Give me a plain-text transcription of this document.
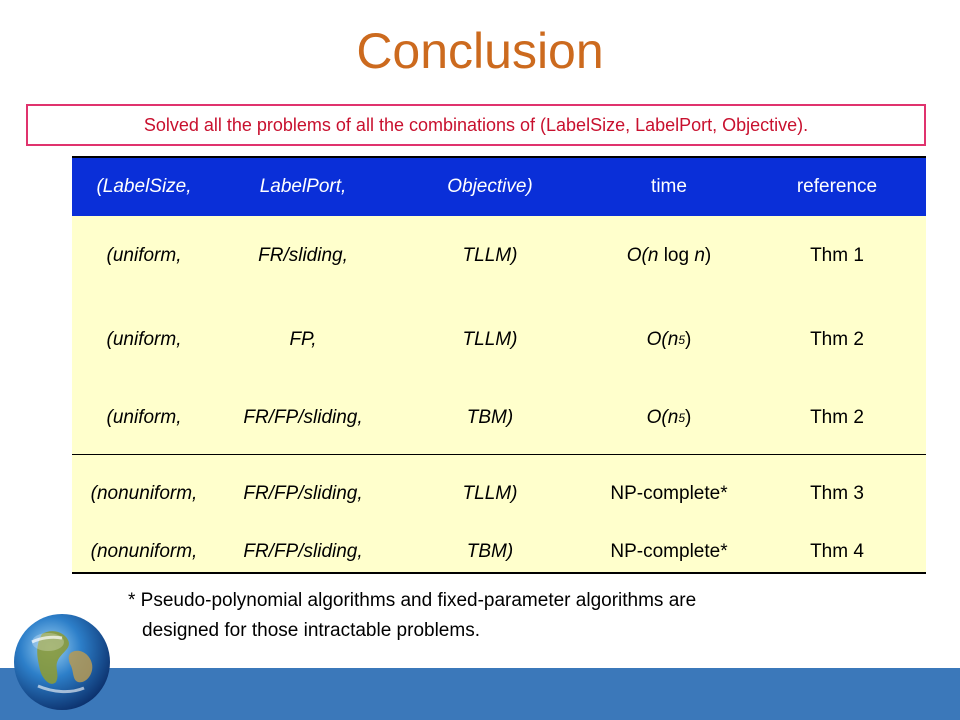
Conclusion
Solved all the problems of all the combinations of (LabelSize, LabelPort, Objective).
(LabelSize,	LabelPort,	Objective)	time	reference
(uniform,	FR/sliding,	TLLM)	O( n log n )	Thm 1
(uniform,	FP,	TLLM)	O( n 5 )	Thm 2
(uniform,	FR/FP/sliding,	TBM)	O( n 5 )	Thm 2
(nonuniform,	FR/FP/sliding,	TLLM)	NP-complete*	Thm 3
(nonuniform,	FR/FP/sliding,	TBM)	NP-complete*	Thm 4
* Pseudo-polynomial algorithms and fixed-parameter algorithms are
designed for those intractable problems.
